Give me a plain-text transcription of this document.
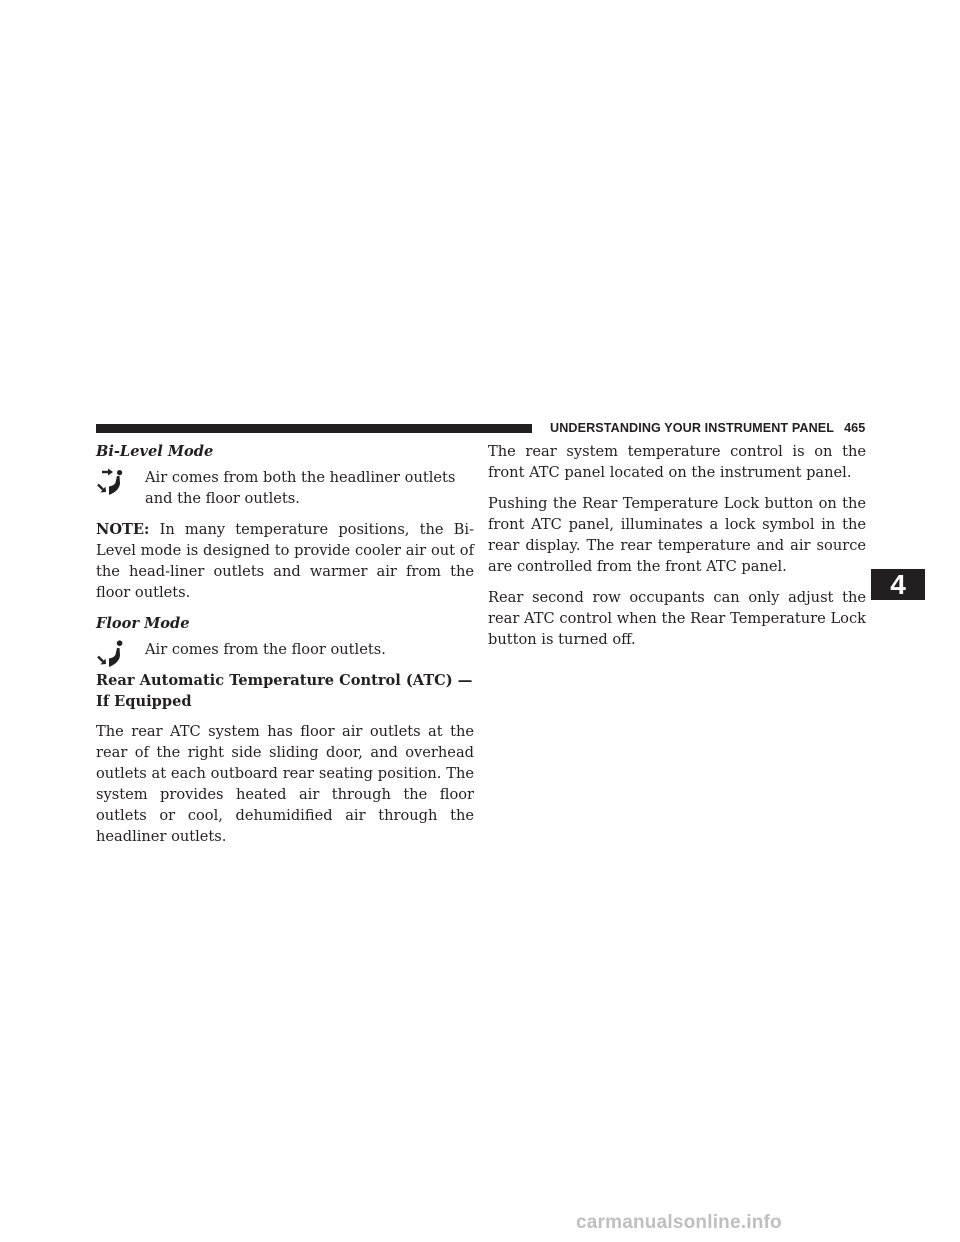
UNDERSTANDING YOUR INSTRUMENT PANEL 465
Bi-Level Mode
Air comes from both the headliner outlets and the floor outlets.

NOTE: In many temperature positions, the Bi-Level mode is designed to provide cooler air out of the head-liner outlets and warmer air from the floor outlets.

Floor Mode
Air comes from the floor outlets.
Rear Automatic Temperature Control (ATC) — If Equipped

The rear ATC system has floor air outlets at the rear of the right side sliding door, and overhead outlets at each outboard rear seating position. The system provides heated air through the floor outlets or cool, dehumidified air through the headliner outlets.

The rear system temperature control is on the front ATC panel located on the instrument panel.

Pushing the Rear Temperature Lock button on the front ATC panel, illuminates a lock symbol in the rear display. The rear temperature and air source are controlled from the front ATC panel.

Rear second row occupants can only adjust the rear ATC control when the Rear Temperature Lock button is turned off.

4
carmanualsonline.info
